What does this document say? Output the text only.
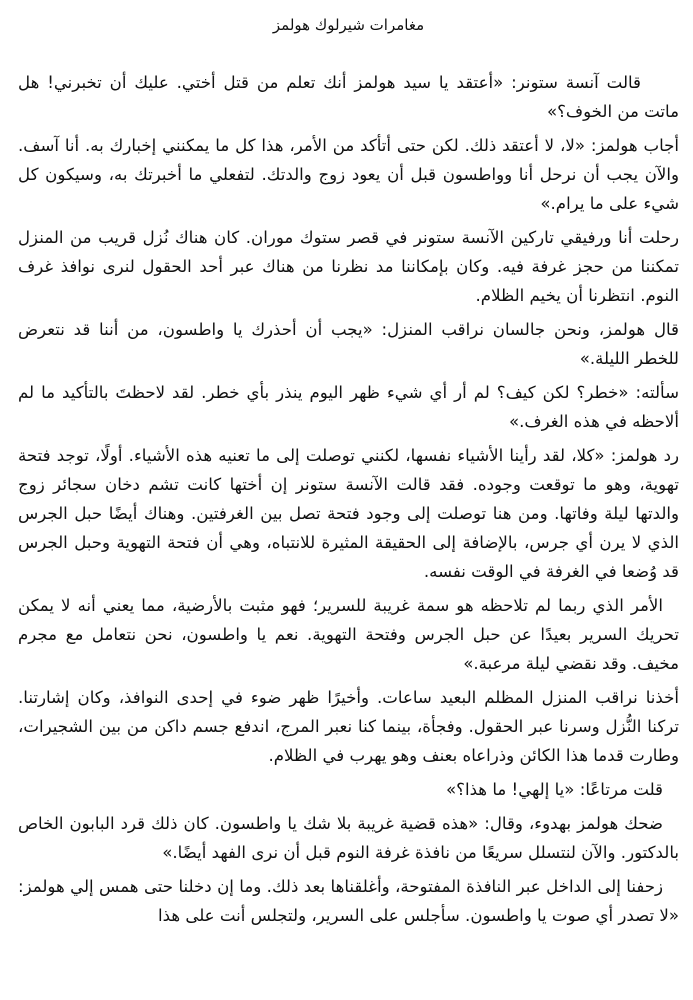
مغامرات شيرلوك هولمز

قالت آنسة ستونر: «أعتقد يا سيد هولمز أنك تعلم من قتل أختي. عليك أن تخبرني! هل ماتت من الخوف؟»

أجاب هولمز: «لا، لا أعتقد ذلك. لكن حتى أتأكد من الأمر، هذا كل ما يمكنني إخبارك به. أنا آسف. والآن يجب أن نرحل أنا وواطسون قبل أن يعود زوج والدتك. لتفعلي ما أخبرتك به، وسيكون كل شيء على ما يرام.»

رحلت أنا ورفيقي تاركين الآنسة ستونر في قصر ستوك موران. كان هناك نُزل قريب من المنزل تمكننا من حجز غرفة فيه. وكان بإمكاننا مد نظرنا من هناك عبر أحد الحقول لنرى نوافذ غرف النوم. انتظرنا أن يخيم الظلام.

قال هولمز، ونحن جالسان نراقب المنزل: «يجب أن أحذرك يا واطسون، من أننا قد نتعرض للخطر الليلة.»

سألته: «خطر؟ لكن كيف؟ لم أر أي شيء ظهر اليوم ينذر بأي خطر. لقد لاحظتَ بالتأكيد ما لم ألاحظه في هذه الغرف.»

رد هولمز: «كلا، لقد رأينا الأشياء نفسها، لكنني توصلت إلى ما تعنيه هذه الأشياء. أولًا، توجد فتحة تهوية، وهو ما توقعت وجوده. فقد قالت الآنسة ستونر إن أختها كانت تشم دخان سجائر زوج والدتها ليلة وفاتها. ومن هنا توصلت إلى وجود فتحة تصل بين الغرفتين. وهناك أيضًا حبل الجرس الذي لا يرن أي جرس، بالإضافة إلى الحقيقة المثيرة للانتباه، وهي أن فتحة التهوية وحبل الجرس قد وُضعا في الغرفة في الوقت نفسه.

الأمر الذي ربما لم تلاحظه هو سمة غريبة للسرير؛ فهو مثبت بالأرضية، مما يعني أنه لا يمكن تحريك السرير بعيدًا عن حبل الجرس وفتحة التهوية. نعم يا واطسون، نحن نتعامل مع مجرم مخيف. وقد نقضي ليلة مرعبة.»

أخذنا نراقب المنزل المظلم البعيد ساعات. وأخيرًا ظهر ضوء في إحدى النوافذ، وكان إشارتنا. تركنا النُّزل وسرنا عبر الحقول. وفجأة، بينما كنا نعبر المرج، اندفع جسم داكن من بين الشجيرات، وطارت قدما هذا الكائن وذراعاه بعنف وهو يهرب في الظلام.

قلت مرتاعًا: «يا إلهي! ما هذا؟»

ضحك هولمز بهدوء، وقال: «هذه قضية غريبة بلا شك يا واطسون. كان ذلك قرد البابون الخاص بالدكتور. والآن لنتسلل سريعًا من نافذة غرفة النوم قبل أن نرى الفهد أيضًا.»

زحفنا إلى الداخل عبر النافذة المفتوحة، وأغلقناها بعد ذلك. وما إن دخلنا حتى همس إلي هولمز: «لا تصدر أي صوت يا واطسون. سأجلس على السرير، ولتجلس أنت على هذا
